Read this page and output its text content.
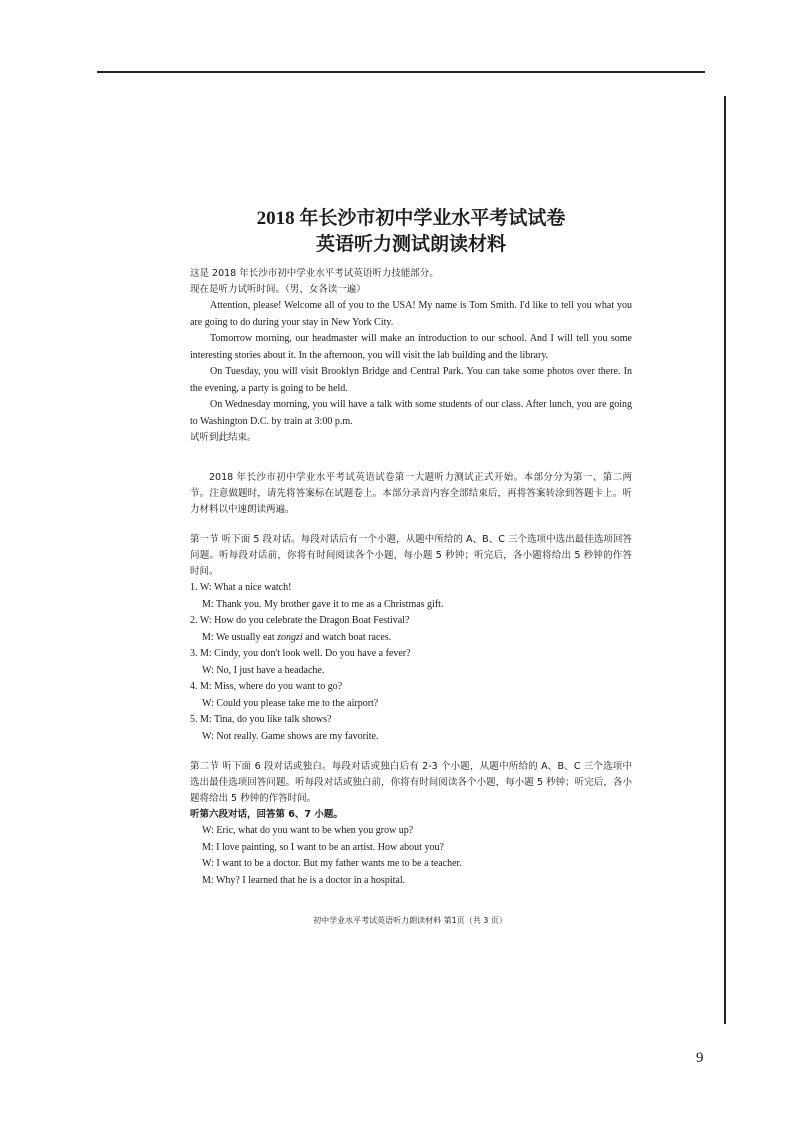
2018 年长沙市初中学业水平考试试卷

英语听力测试朗读材料

这是 2018 年长沙市初中学业水平考试英语听力技能部分。

现在是听力试听时间。（男、女各读一遍）

Attention, please! Welcome all of you to the USA! My name is Tom Smith. I'd like to tell you what you are going to do during your stay in New York City.

Tomorrow morning, our headmaster will make an introduction to our school. And I will tell you some interesting stories about it. In the afternoon, you will visit the lab building and the library.

On Tuesday, you will visit Brooklyn Bridge and Central Park. You can take some photos over there. In the evening, a party is going to be held.

On Wednesday morning, you will have a talk with some students of our class. After lunch, you are going to Washington D.C. by train at 3:00 p.m.

试听到此结束。

2018 年长沙市初中学业水平考试英语试卷第一大题听力测试正式开始。本部分分为第一、第二两节。注意做题时，请先将答案标在试题卷上。本部分录音内容全部结束后，再将答案转涂到答题卡上。听力材料以中速朗读两遍。

第一节 听下面 5 段对话。每段对话后有一个小题，从题中所给的 A、B、C 三个选项中选出最佳选项回答问题。听每段对话前，你将有时间阅读各个小题，每小题 5 秒钟；听完后，各小题将给出 5 秒钟的作答时间。

1. W: What a nice watch!

M: Thank you. My brother gave it to me as a Christmas gift.

2. W: How do you celebrate the Dragon Boat Festival?

M: We usually eat zongzi and watch boat races.

3. M: Cindy, you don't look well. Do you have a fever?

W: No, I just have a headache.

4. M: Miss, where do you want to go?

W: Could you please take me to the airport?

5. M: Tina, do you like talk shows?

W: Not really. Game shows are my favorite.

第二节 听下面 6 段对话或独白。每段对话或独白后有 2-3 个小题，从题中所给的 A、B、C 三个选项中选出最佳选项回答问题。听每段对话或独白前，你将有时间阅读各个小题，每小题 5 秒钟；听完后，各小题将给出 5 秒钟的作答时间。

听第六段对话，回答第 6、7 小题。

W: Eric, what do you want to be when you grow up?

M: I love painting, so I want to be an artist. How about you?

W: I want to be a doctor. But my father wants me to be a teacher.

M: Why? I learned that he is a doctor in a hospital.

初中学业水平考试英语听力朗读材料 第1页（共 3 页）
9
